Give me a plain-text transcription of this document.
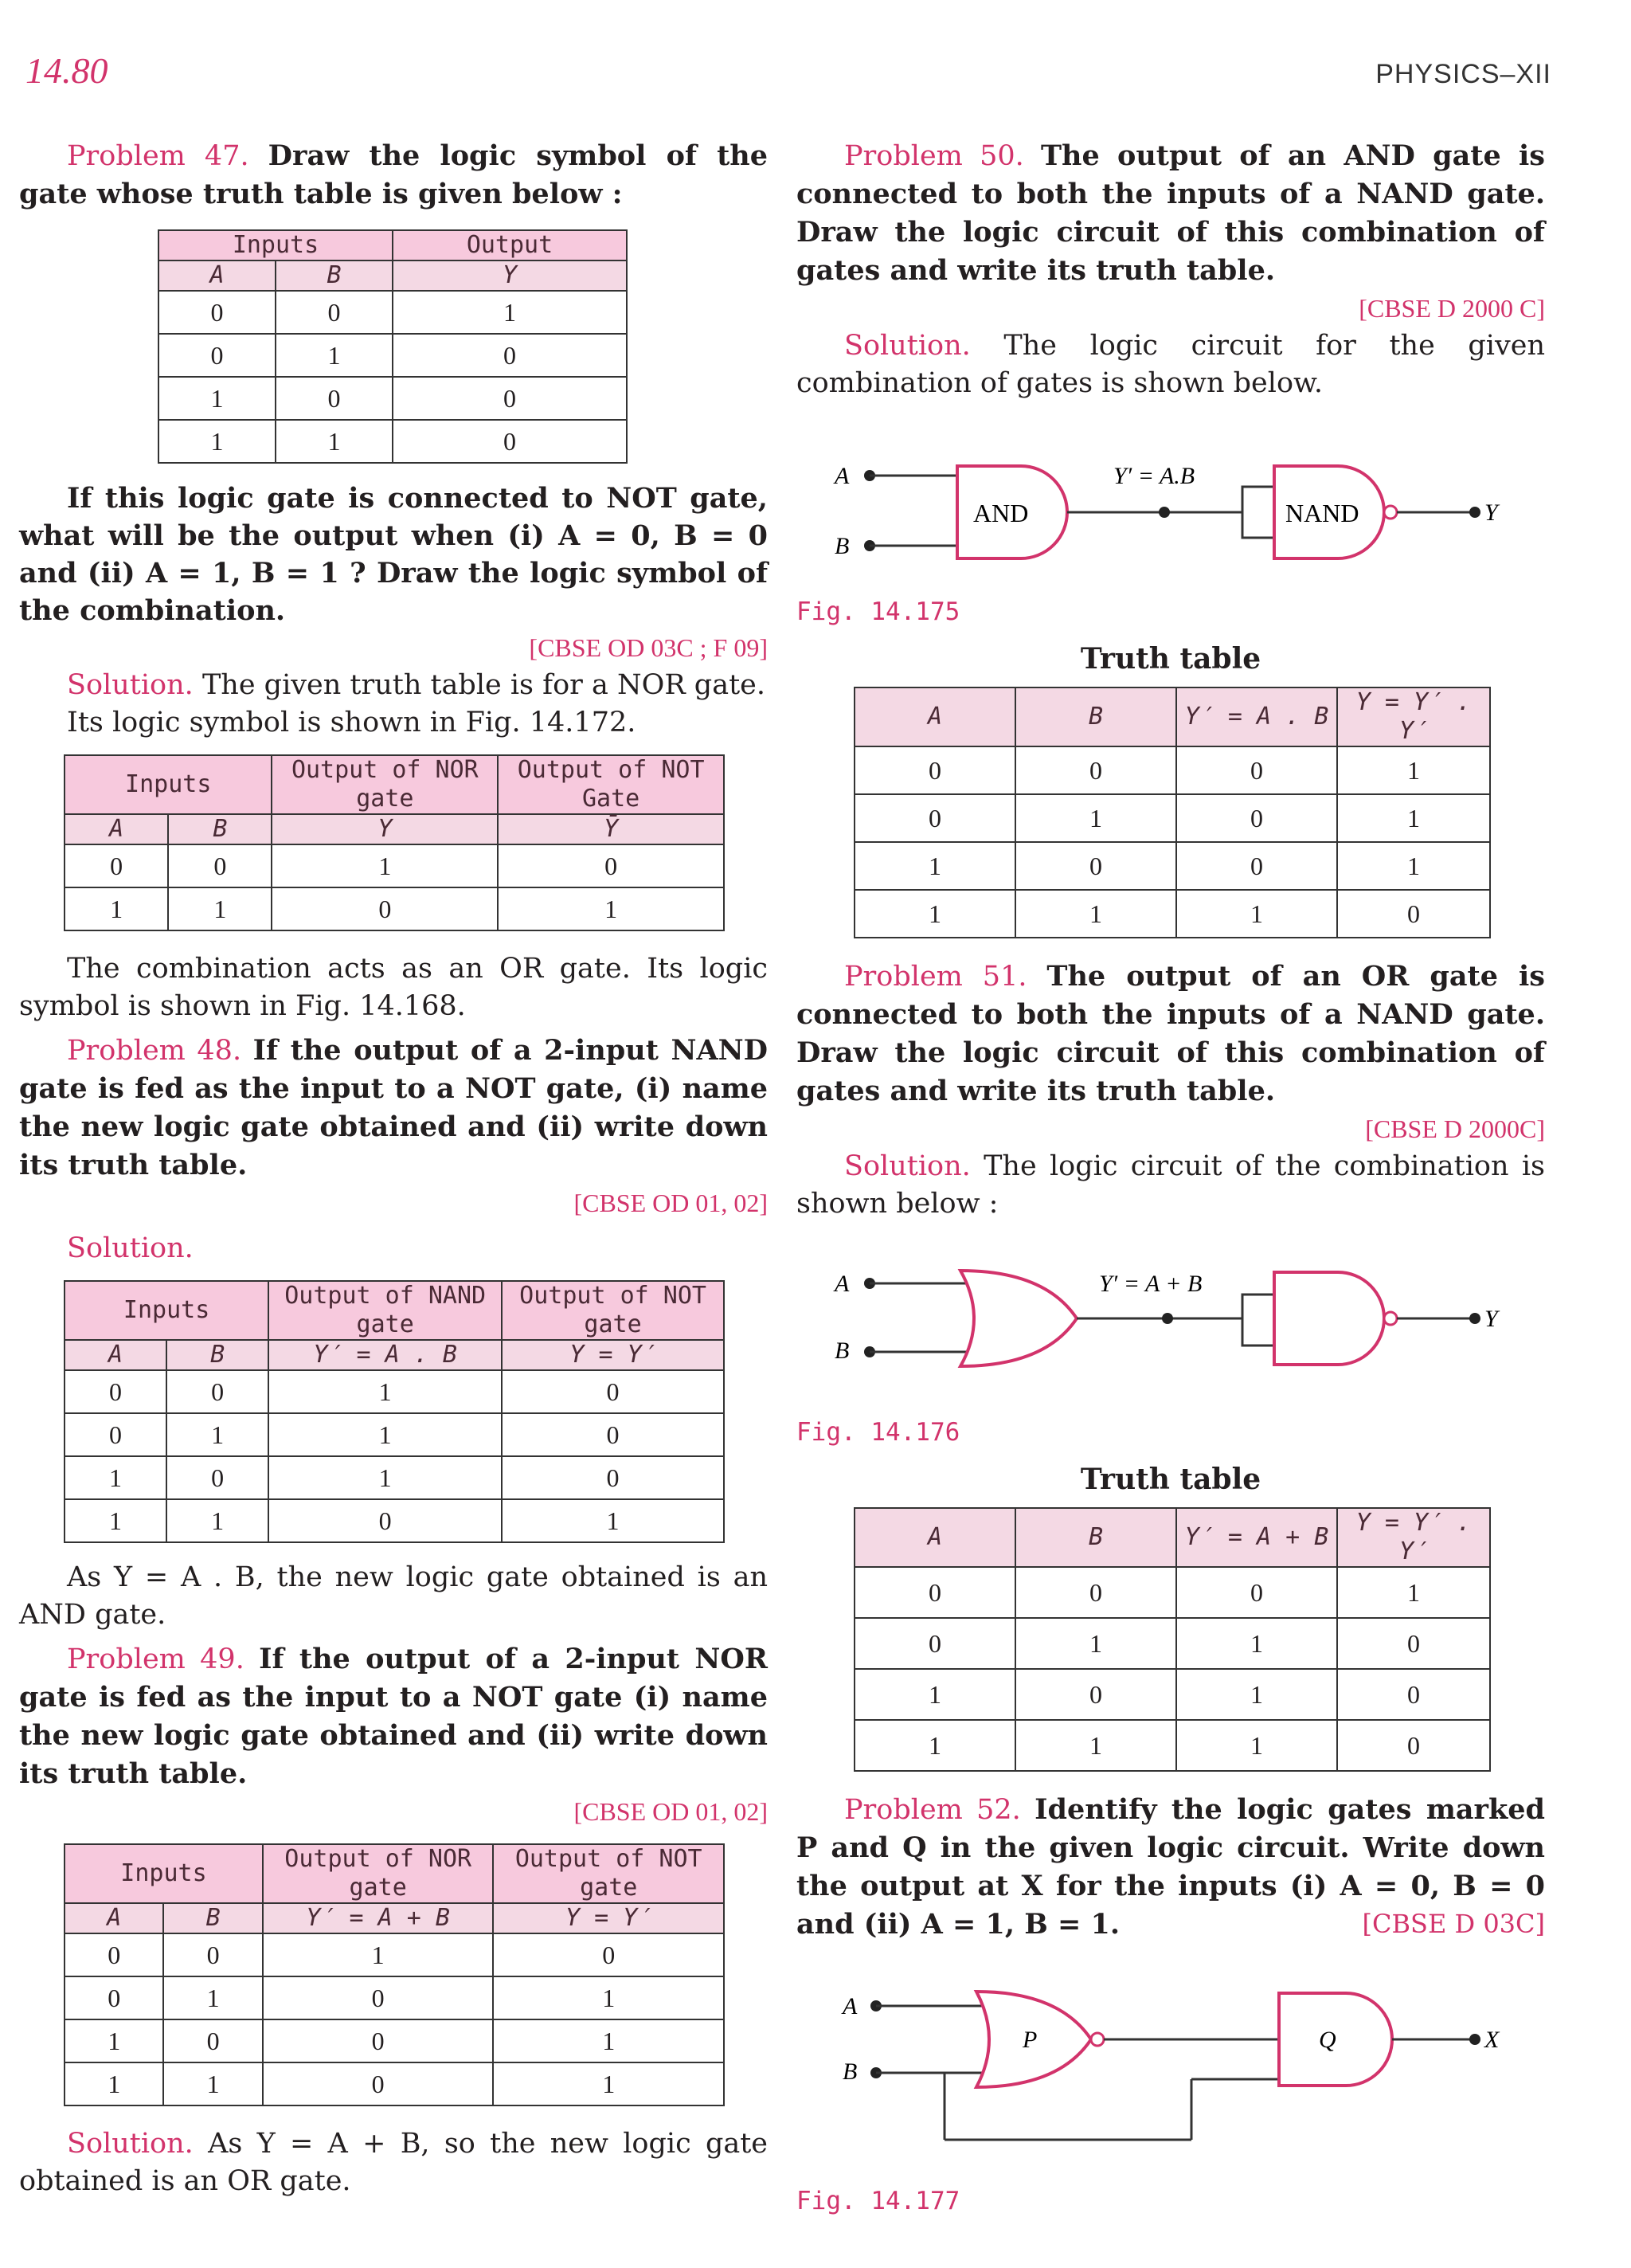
14.80	PHYSICS–XII

Problem 47. Draw the logic symbol of the gate whose truth table is given below :

Inputs		Output
A	B	Y
0	0	1
0	1	0
1	0	0
1	1	0

If this logic gate is connected to NOT gate, what will be the output when (i) A = 0, B = 0 and (ii) A = 1, B = 1 ? Draw the logic symbol of the combination.

[CBSE OD 03C ; F 09]

Solution. The given truth table is for a NOR gate.

Its logic symbol is shown in Fig. 14.172.

Inputs		Output of NOR gate	Output of NOT Gate
A	B	Y	Ȳ
0	0	1	0
1	1	0	1

The combination acts as an OR gate. Its logic symbol is shown in Fig. 14.168.

Problem 48. If the output of a 2-input NAND gate is fed as the input to a NOT gate, (i) name the new logic gate obtained and (ii) write down its truth table.

[CBSE OD 01, 02]

Solution.

Inputs		Output of NAND gate	Output of NOT gate
A	B	Y′ = A . B	Y = Y′
0	0	1	0
0	1	1	0
1	0	1	0
1	1	0	1

As Y = A . B, the new logic gate obtained is an AND gate.

Problem 49. If the output of a 2-input NOR gate is fed as the input to a NOT gate (i) name the new logic gate obtained and (ii) write down its truth table.

[CBSE OD 01, 02]

Inputs		Output of NOR gate	Output of NOT gate
A	B	Y′ = A + B	Y = Y′
0	0	1	0
0	1	0	1
1	0	0	1
1	1	0	1

Solution. As Y = A + B, so the new logic gate obtained is an OR gate.

Problem 50. The output of an AND gate is connected to both the inputs of a NAND gate. Draw the logic circuit of this combination of gates and write its truth table.

[CBSE D 2000 C]

Solution. The logic circuit for the given combination of gates is shown below.

A
B
AND
Y′ = A.B
NAND	Y

Fig. 14.175

Truth table
A	B	Y′ = A . B	Y = Y′ . Y′
0	0	0	1
0	1	0	1
1	0	0	1
1	1	1	0

Problem 51. The output of an OR gate is connected to both the inputs of a NAND gate. Draw the logic circuit of this combination of gates and write its truth table.

[CBSE D 2000C]

Solution. The logic circuit of the combination is shown below :

A
B
Y′ = A + B
Y

Fig. 14.176

Truth table
A	B	Y′ = A + B	Y = Y′ . Y′
0	0	0	1
0	1	1	0
1	0	1	0
1	1	1	0

Problem 52. Identify the logic gates marked P and Q in the given logic circuit. Write down the output at X for the inputs (i) A = 0, B = 0 and (ii) A = 1, B = 1.	[CBSE D 03C]

A
B
P	Q	X

Fig. 14.177
